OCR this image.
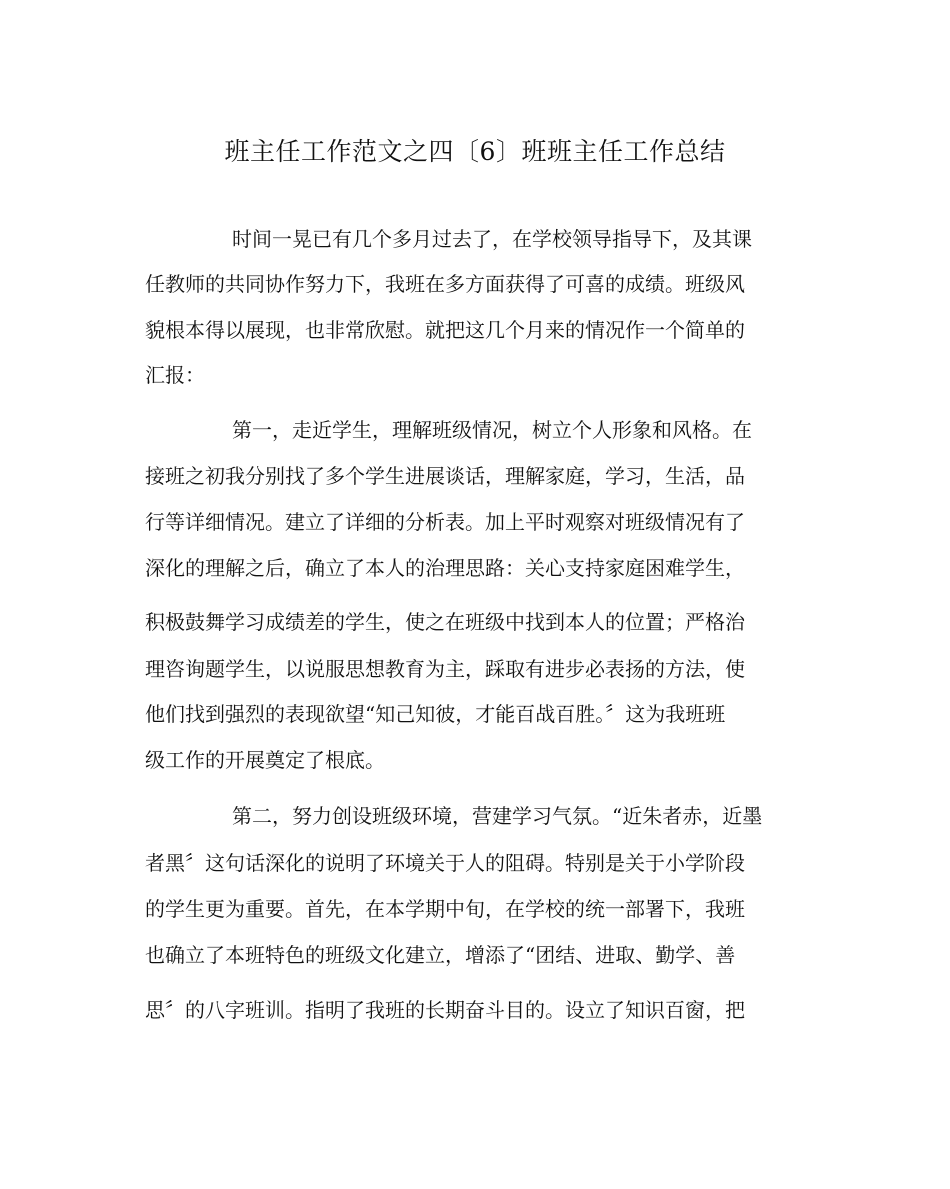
班主任工作范文之四〔6〕班班主任工作总结

时间一晃已有几个多月过去了，在学校领导指导下，及其课

任教师的共同协作努力下，我班在多方面获得了可喜的成绩。班级风

貌根本得以展现，也非常欣慰。就把这几个月来的情况作一个简单的

汇报：

第一，走近学生，理解班级情况，树立个人形象和风格。在

接班之初我分别找了多个学生进展谈话，理解家庭，学习，生活，品

行等详细情况。建立了详细的分析表。加上平时观察对班级情况有了

深化的理解之后，确立了本人的治理思路：关心支持家庭困难学生，

积极鼓舞学习成绩差的学生，使之在班级中找到本人的位置；严格治

理咨询题学生，以说服思想教育为主，踩取有进步必表扬的方法，使

他们找到强烈的表现欲望“知己知彼，才能百战百胜。〞这为我班班

级工作的开展奠定了根底。

第二，努力创设班级环境，营建学习气氛。“近朱者赤，近墨

者黑〞这句话深化的说明了环境关于人的阻碍。特别是关于小学阶段

的学生更为重要。首先，在本学期中旬，在学校的统一部署下，我班

也确立了本班特色的班级文化建立，增添了“团结、进取、勤学、善

思〞的八字班训。指明了我班的长期奋斗目的。设立了知识百窗，把
